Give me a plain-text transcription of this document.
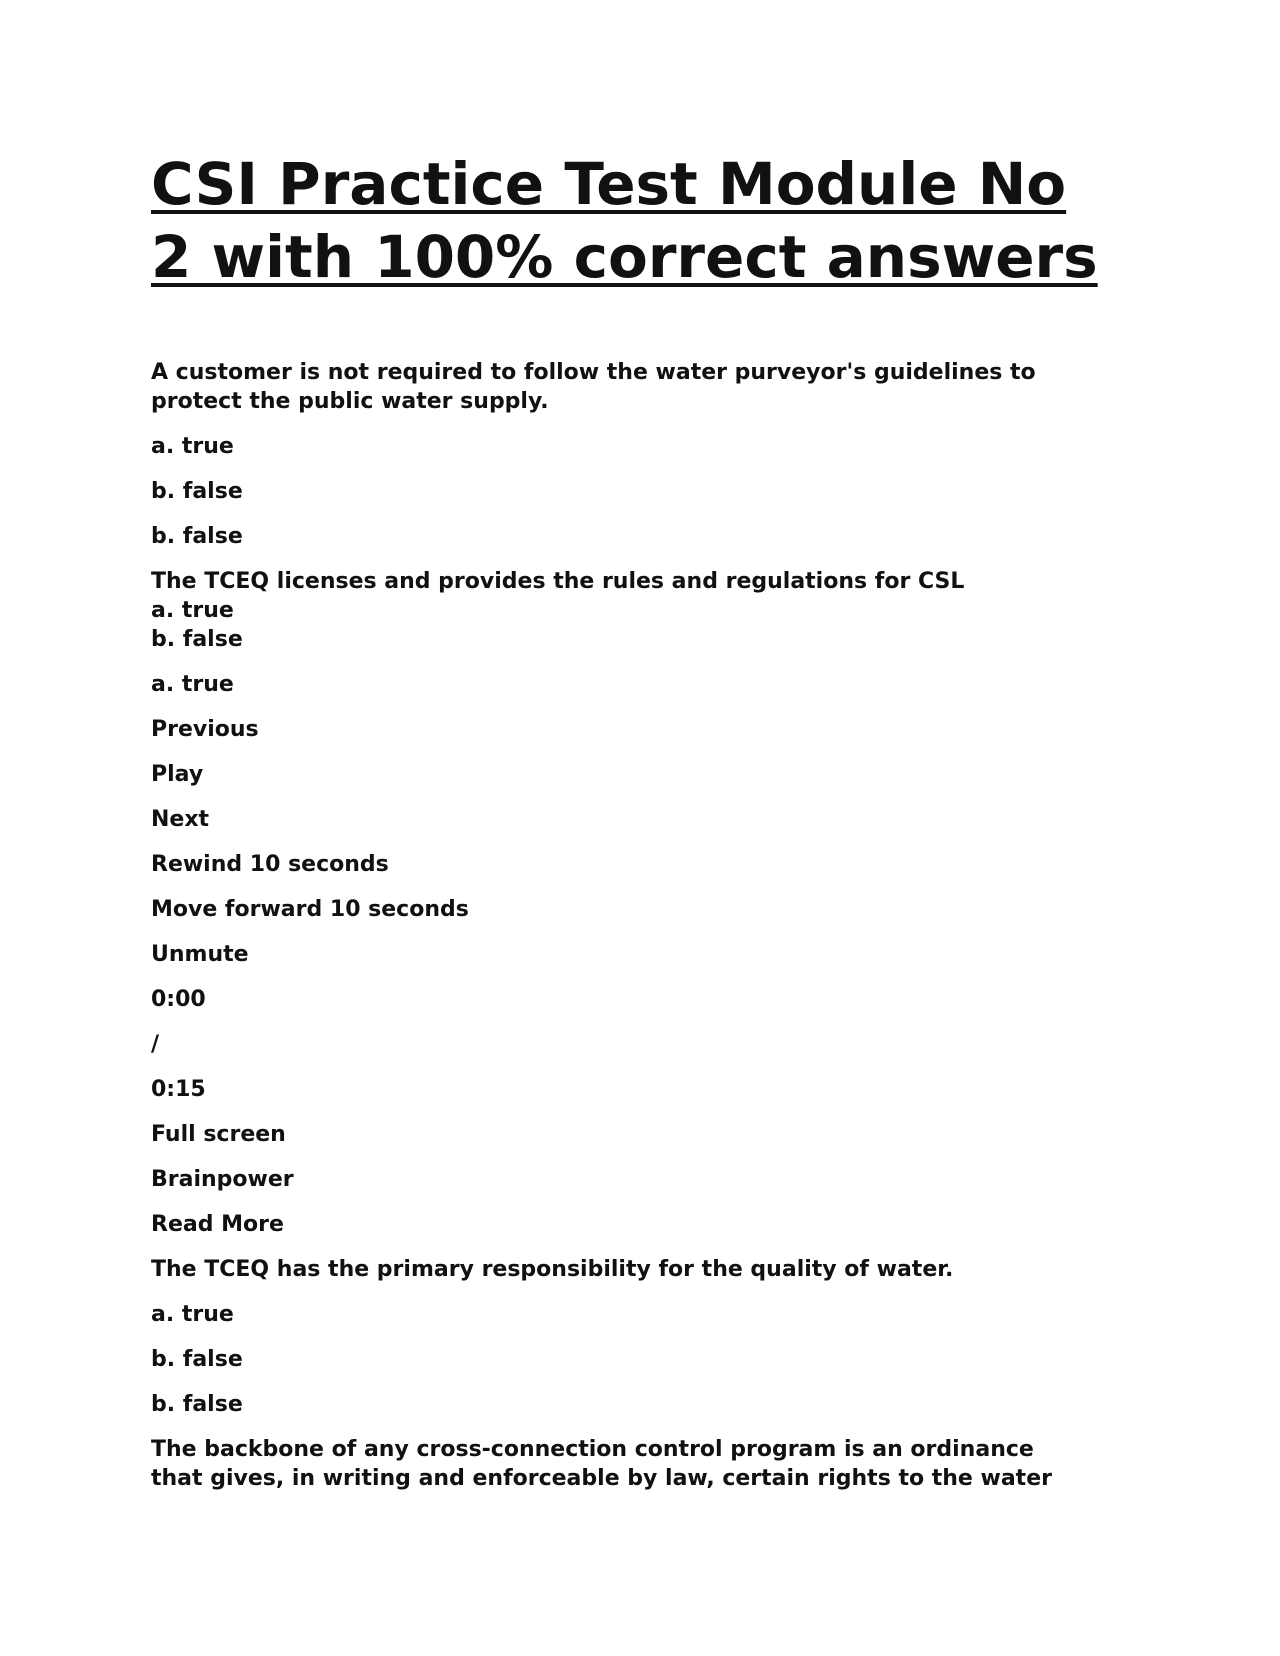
CSI Practice Test Module No
2 with 100% correct answers

A customer is not required to follow the water purveyor's guidelines to

protect the public water supply.

a. true

b. false

b. false

The TCEQ licenses and provides the rules and regulations for CSL

a. true

b. false

a. true

Previous

Play

Next

Rewind 10 seconds

Move forward 10 seconds

Unmute

0:00

/

0:15

Full screen

Brainpower

Read More

The TCEQ has the primary responsibility for the quality of water.

a. true

b. false

b. false

The backbone of any cross-connection control program is an ordinance

that gives, in writing and enforceable by law, certain rights to the water
